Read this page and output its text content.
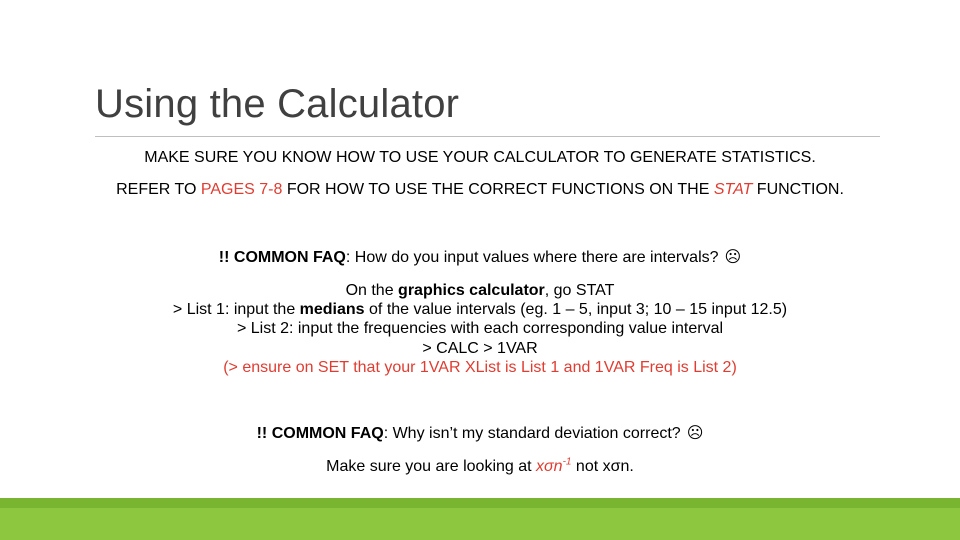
Using the Calculator
MAKE SURE YOU KNOW HOW TO USE YOUR CALCULATOR TO GENERATE STATISTICS.
REFER TO PAGES 7-8 FOR HOW TO USE THE CORRECT FUNCTIONS ON THE STAT FUNCTION.
!! COMMON FAQ: How do you input values where there are intervals? ☹
On the graphics calculator, go STAT
> List 1: input the medians of the value intervals (eg. 1 – 5, input 3; 10 – 15 input 12.5)
> List 2: input the frequencies with each corresponding value interval
> CALC > 1VAR
(> ensure on SET that your 1VAR XList is List 1 and 1VAR Freq is List 2)
!! COMMON FAQ: Why isn’t my standard deviation correct? ☹
Make sure you are looking at xσn$^{-1}$ not xσn.
